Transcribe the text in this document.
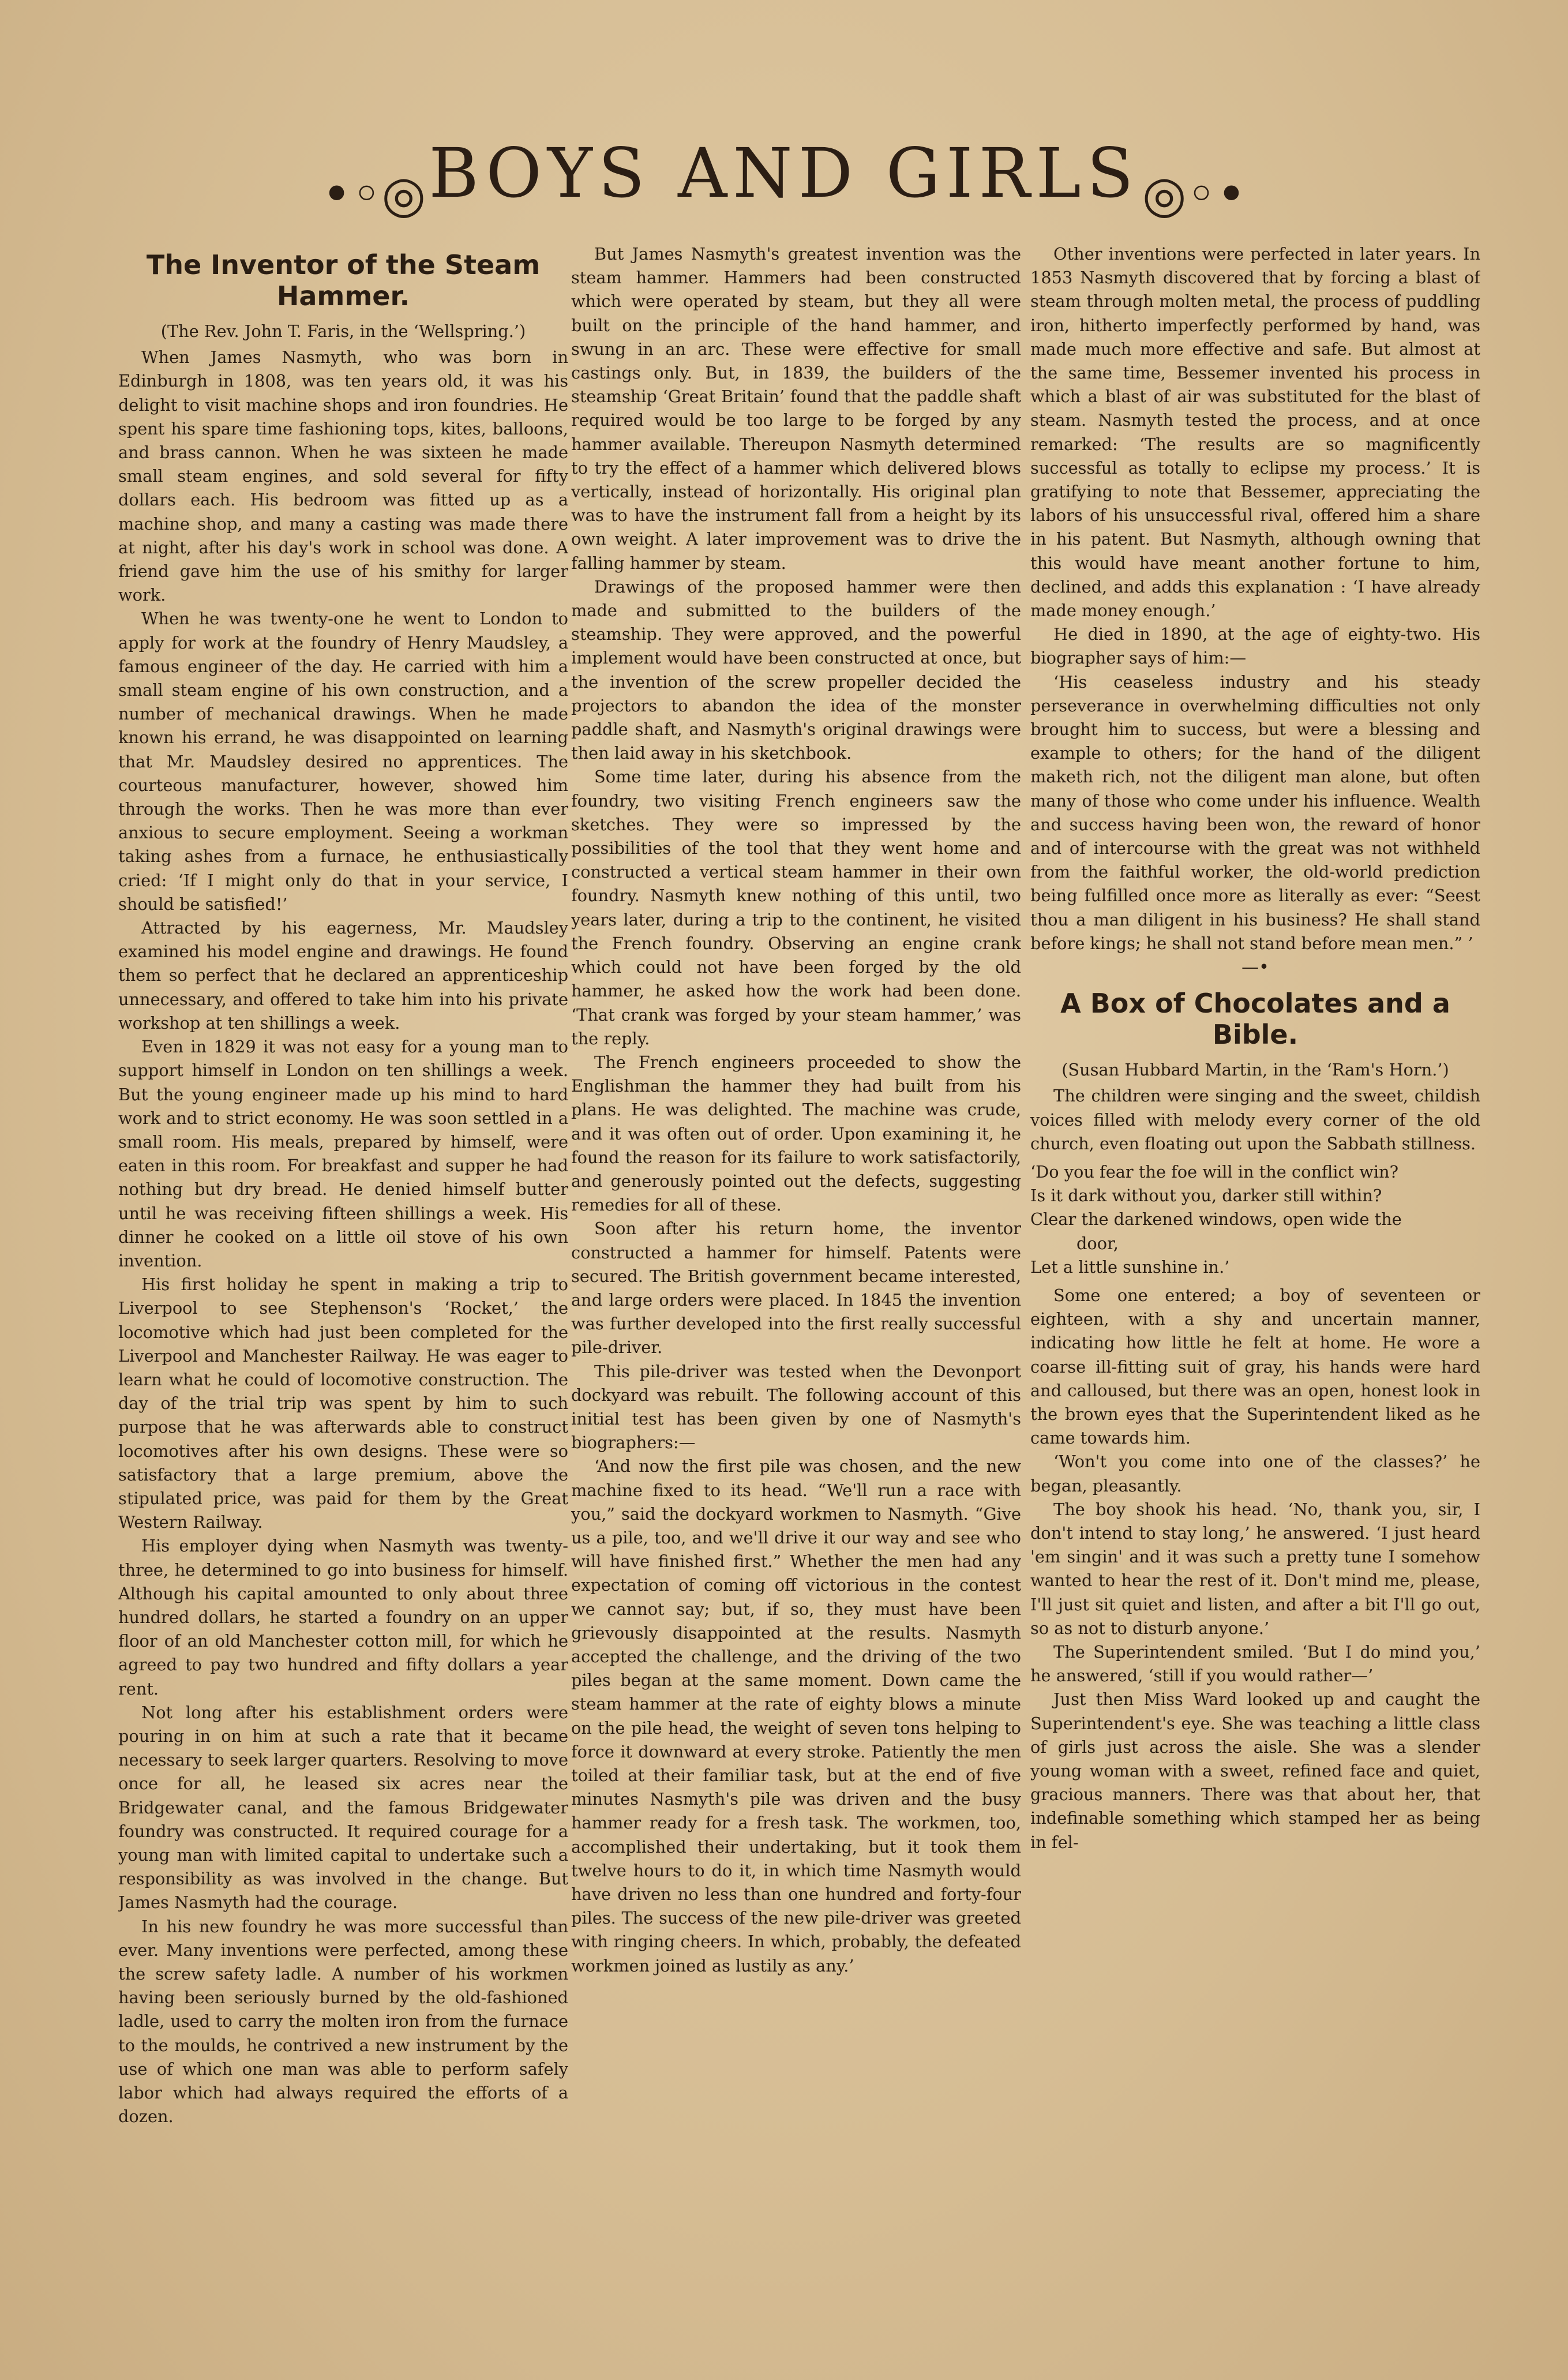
•◦◎ BOYS AND GIRLS ◎◦•
The Inventor of the Steam Hammer.

(The Rev. John T. Faris, in the ‘Wellspring.’)

When James Nasmyth, who was born in Edinburgh in 1808, was ten years old, it was his delight to visit machine shops and iron foundries. He spent his spare time fashioning tops, kites, balloons, and brass cannon. When he was sixteen he made small steam engines, and sold several for fifty dollars each. His bedroom was fitted up as a machine shop, and many a casting was made there at night, after his day's work in school was done. A friend gave him the use of his smithy for larger work.

When he was twenty-one he went to London to apply for work at the foundry of Henry Maudsley, a famous engineer of the day. He carried with him a small steam engine of his own construction, and a number of mechanical drawings. When he made known his errand, he was disappointed on learning that Mr. Maudsley desired no apprentices. The courteous manufacturer, however, showed him through the works. Then he was more than ever anxious to secure employment. Seeing a workman taking ashes from a furnace, he enthusiastically cried: ‘If I might only do that in your service, I should be satisfied!’

Attracted by his eagerness, Mr. Maudsley examined his model engine and drawings. He found them so perfect that he declared an apprenticeship unnecessary, and offered to take him into his private workshop at ten shillings a week.

Even in 1829 it was not easy for a young man to support himself in London on ten shillings a week. But the young engineer made up his mind to hard work and to strict economy. He was soon settled in a small room. His meals, prepared by himself, were eaten in this room. For breakfast and supper he had nothing but dry bread. He denied himself butter until he was receiving fifteen shillings a week. His dinner he cooked on a little oil stove of his own invention.

His first holiday he spent in making a trip to Liverpool to see Stephenson's ‘Rocket,’ the locomotive which had just been completed for the Liverpool and Manchester Railway. He was eager to learn what he could of locomotive construction. The day of the trial trip was spent by him to such purpose that he was afterwards able to construct locomotives after his own designs. These were so satisfactory that a large premium, above the stipulated price, was paid for them by the Great Western Railway.

His employer dying when Nasmyth was twenty-three, he determined to go into business for himself. Although his capital amounted to only about three hundred dollars, he started a foundry on an upper floor of an old Manchester cotton mill, for which he agreed to pay two hundred and fifty dollars a year rent.

Not long after his establishment orders were pouring in on him at such a rate that it became necessary to seek larger quarters. Resolving to move once for all, he leased six acres near the Bridgewater canal, and the famous Bridgewater foundry was constructed. It required courage for a young man with limited capital to undertake such a responsibility as was involved in the change. But James Nasmyth had the courage.

In his new foundry he was more successful than ever. Many inventions were perfected, among these the screw safety ladle. A number of his workmen having been seriously burned by the old-fashioned ladle, used to carry the molten iron from the furnace to the moulds, he contrived a new instrument by the use of which one man was able to perform safely labor which had always required the efforts of a dozen.

But James Nasmyth's greatest invention was the steam hammer. Hammers had been constructed which were operated by steam, but they all were built on the principle of the hand hammer, and swung in an arc. These were effective for small castings only. But, in 1839, the builders of the steamship ‘Great Britain’ found that the paddle shaft required would be too large to be forged by any hammer available. Thereupon Nasmyth determined to try the effect of a hammer which delivered blows vertically, instead of horizontally. His original plan was to have the instrument fall from a height by its own weight. A later improvement was to drive the falling hammer by steam.

Drawings of the proposed hammer were then made and submitted to the builders of the steamship. They were approved, and the powerful implement would have been constructed at once, but the invention of the screw propeller decided the projectors to abandon the idea of the monster paddle shaft, and Nasmyth's original drawings were then laid away in his sketchbook.

Some time later, during his absence from the foundry, two visiting French engineers saw the sketches. They were so impressed by the possibilities of the tool that they went home and constructed a vertical steam hammer in their own foundry. Nasmyth knew nothing of this until, two years later, during a trip to the continent, he visited the French foundry. Observing an engine crank which could not have been forged by the old hammer, he asked how the work had been done. ‘That crank was forged by your steam hammer,’ was the reply.

The French engineers proceeded to show the Englishman the hammer they had built from his plans. He was delighted. The machine was crude, and it was often out of order. Upon examining it, he found the reason for its failure to work satisfactorily, and generously pointed out the defects, suggesting remedies for all of these.

Soon after his return home, the inventor constructed a hammer for himself. Patents were secured. The British government became interested, and large orders were placed. In 1845 the invention was further developed into the first really successful pile-driver.

This pile-driver was tested when the Devonport dockyard was rebuilt. The following account of this initial test has been given by one of Nasmyth's biographers:—

‘And now the first pile was chosen, and the new machine fixed to its head. “We'll run a race with you,” said the dockyard workmen to Nasmyth. “Give us a pile, too, and we'll drive it our way and see who will have finished first.” Whether the men had any expectation of coming off victorious in the contest we cannot say; but, if so, they must have been grievously disappointed at the results. Nasmyth accepted the challenge, and the driving of the two piles began at the same moment. Down came the steam hammer at the rate of eighty blows a minute on the pile head, the weight of seven tons helping to force it downward at every stroke. Patiently the men toiled at their familiar task, but at the end of five minutes Nasmyth's pile was driven and the busy hammer ready for a fresh task. The workmen, too, accomplished their undertaking, but it took them twelve hours to do it, in which time Nasmyth would have driven no less than one hundred and forty-four piles. The success of the new pile-driver was greeted with ringing cheers. In which, probably, the defeated workmen joined as lustily as any.’

Other inventions were perfected in later years. In 1853 Nasmyth discovered that by forcing a blast of steam through molten metal, the process of puddling iron, hitherto imperfectly performed by hand, was made much more effective and safe. But almost at the same time, Bessemer invented his process in which a blast of air was substituted for the blast of steam. Nasmyth tested the process, and at once remarked: ‘The results are so magnificently successful as totally to eclipse my process.’ It is gratifying to note that Bessemer, appreciating the labors of his unsuccessful rival, offered him a share in his patent. But Nasmyth, although owning that this would have meant another fortune to him, declined, and adds this explanation : ‘I have already made money enough.’

He died in 1890, at the age of eighty-two. His biographer says of him:—

‘His ceaseless industry and his steady perseverance in overwhelming difficulties not only brought him to success, but were a blessing and example to others; for the hand of the diligent maketh rich, not the diligent man alone, but often many of those who come under his influence. Wealth and success having been won, the reward of honor and of intercourse with the great was not withheld from the faithful worker, the old-world prediction being fulfilled once more as literally as ever: “Seest thou a man diligent in his business? He shall stand before kings; he shall not stand before mean men.” ’

—•
A Box of Chocolates and a Bible.

(Susan Hubbard Martin, in the ‘Ram's Horn.’)

The children were singing and the sweet, childish voices filled with melody every corner of the old church, even floating out upon the Sabbath stillness.

‘Do you fear the foe will in the conflict win?
Is it dark without you, darker still within?
Clear the darkened windows, open wide the
door,
Let a little sunshine in.’

Some one entered; a boy of seventeen or eighteen, with a shy and uncertain manner, indicating how little he felt at home. He wore a coarse ill-fitting suit of gray, his hands were hard and calloused, but there was an open, honest look in the brown eyes that the Superintendent liked as he came towards him.

‘Won't you come into one of the classes?’ he began, pleasantly.

The boy shook his head. ‘No, thank you, sir, I don't intend to stay long,’ he answered. ‘I just heard 'em singin' and it was such a pretty tune I somehow wanted to hear the rest of it. Don't mind me, please, I'll just sit quiet and listen, and after a bit I'll go out, so as not to disturb anyone.’

The Superintendent smiled. ‘But I do mind you,’ he answered, ‘still if you would rather—’

Just then Miss Ward looked up and caught the Superintendent's eye. She was teaching a little class of girls just across the aisle. She was a slender young woman with a sweet, refined face and quiet, gracious manners. There was that about her, that indefinable something which stamped her as being in fel-
